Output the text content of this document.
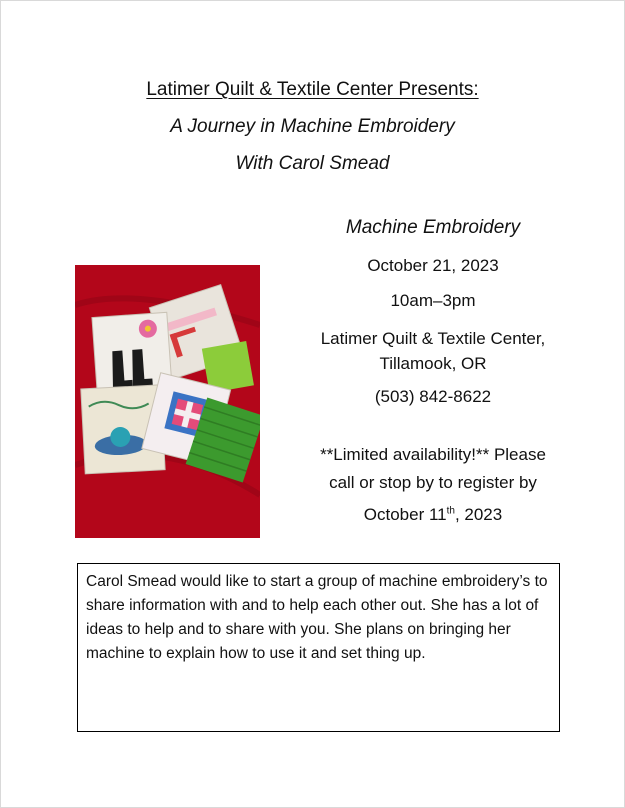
Latimer Quilt & Textile Center Presents:
A Journey in Machine Embroidery
With Carol Smead
Machine Embroidery
October 21, 2023
10am–3pm
Latimer Quilt & Textile Center,
Tillamook, OR
(503) 842-8622
**Limited availability!** Please
call or stop by to register by
October 11th, 2023
Carol Smead would like to start a group of machine embroidery’s to share information with and to help each other out. She has a lot of ideas to help and to share with you. She plans on bringing her machine to explain how to use it and set thing up.
